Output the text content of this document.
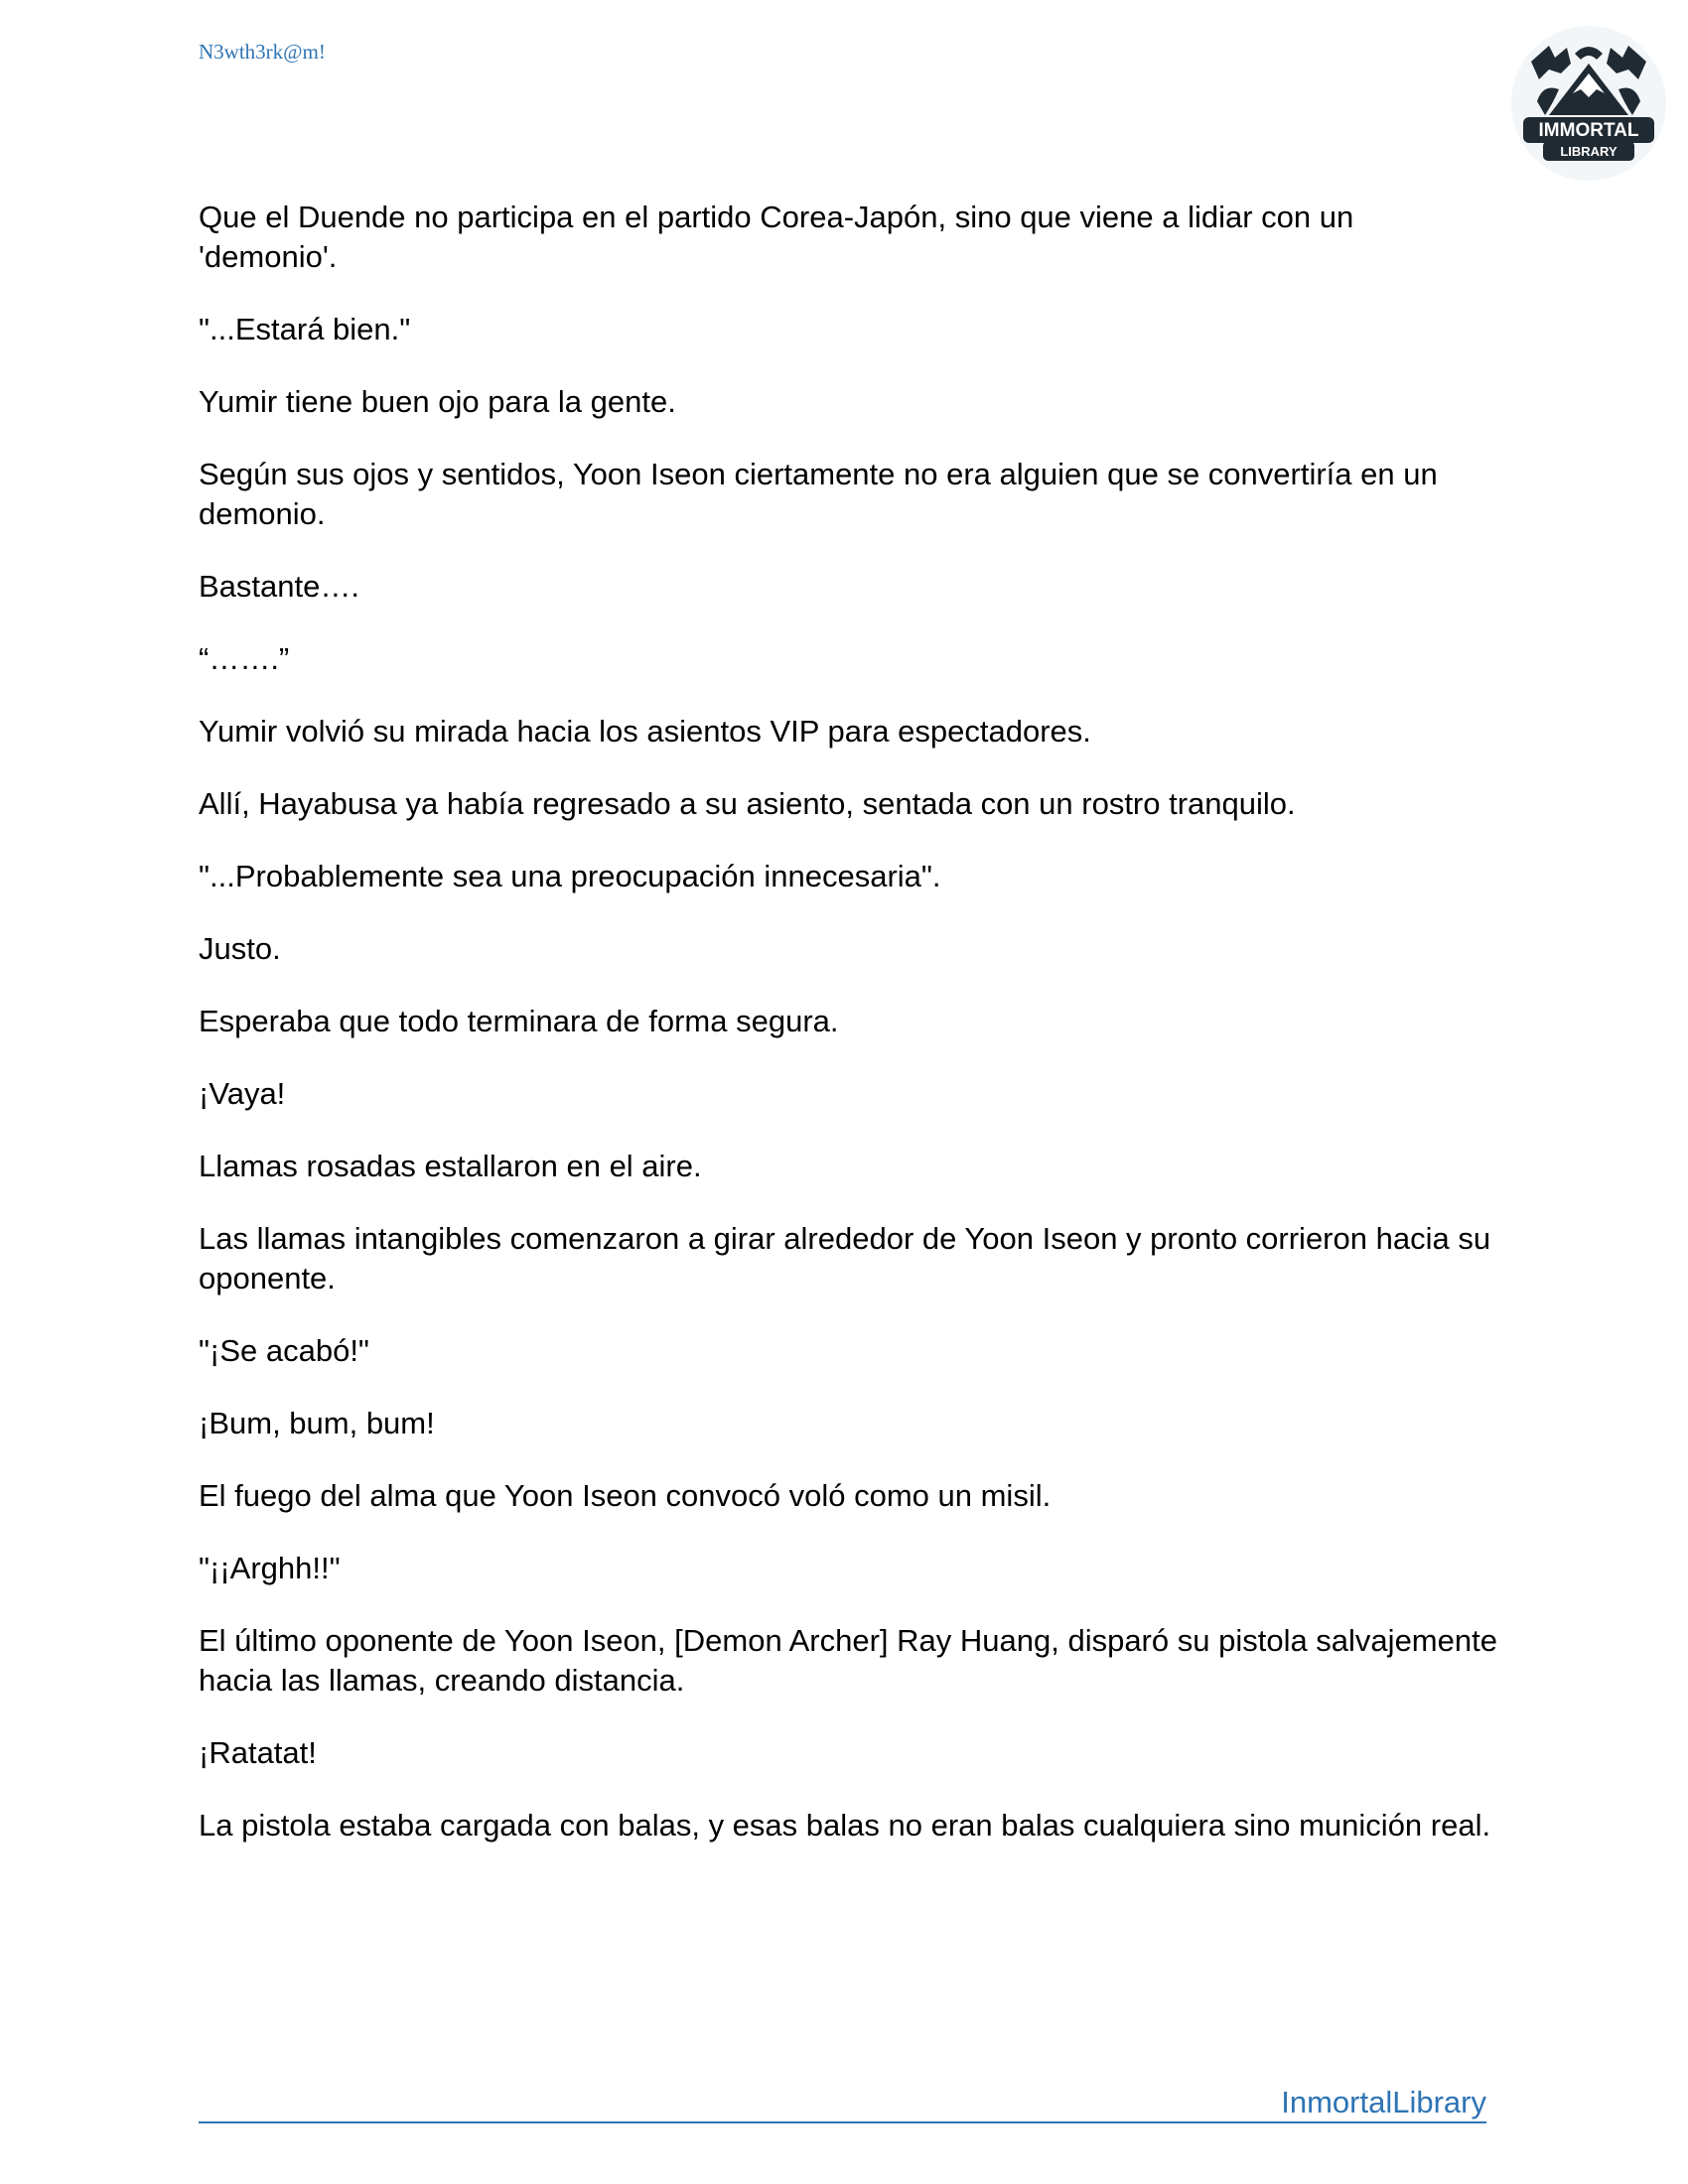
N3wth3rk@m!
IMMORTAL
LIBRARY

Que el Duende no participa en el partido Corea-Japón, sino que viene a lidiar con un 'demonio'.

"...Estará bien."

Yumir tiene buen ojo para la gente.

Según sus ojos y sentidos, Yoon Iseon ciertamente no era alguien que se convertiría en un demonio.

Bastante….

“…….”

Yumir volvió su mirada hacia los asientos VIP para espectadores.

Allí, Hayabusa ya había regresado a su asiento, sentada con un rostro tranquilo.

"...Probablemente sea una preocupación innecesaria".

Justo.

Esperaba que todo terminara de forma segura.

¡Vaya!

Llamas rosadas estallaron en el aire.

Las llamas intangibles comenzaron a girar alrededor de Yoon Iseon y pronto corrieron hacia su oponente.

"¡Se acabó!"

¡Bum, bum, bum!

El fuego del alma que Yoon Iseon convocó voló como un misil.

"¡¡Arghh!!"

El último oponente de Yoon Iseon, [Demon Archer] Ray Huang, disparó su pistola salvajemente hacia las llamas, creando distancia.

¡Ratatat!

La pistola estaba cargada con balas, y esas balas no eran balas cualquiera sino munición real.

InmortalLibrary
